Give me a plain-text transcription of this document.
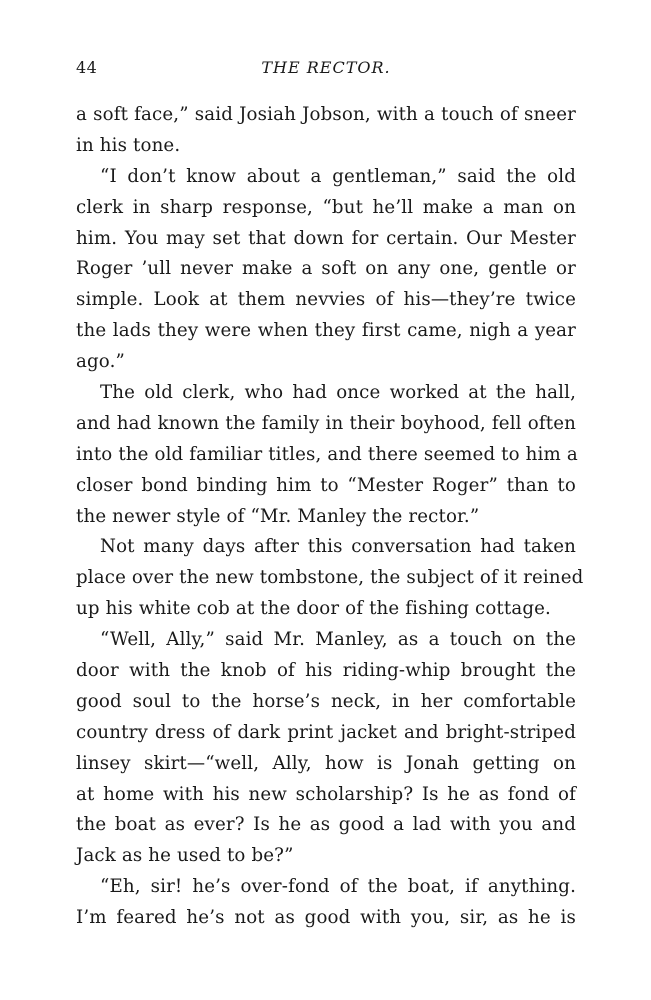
44	THE RECTOR.
a soft face,” said Josiah Jobson, with a touch of sneer
in his tone.
“I don’t know about a gentleman,” said the old
clerk in sharp response, “but he’ll make a man on
him. You may set that down for certain. Our Mester
Roger ’ull never make a soft on any one, gentle or
simple. Look at them nevvies of his—they’re twice
the lads they were when they first came, nigh a year
ago.”
The old clerk, who had once worked at the hall,
and had known the family in their boyhood, fell often
into the old familiar titles, and there seemed to him a
closer bond binding him to “Mester Roger” than to
the newer style of “Mr. Manley the rector.”
Not many days after this conversation had taken
place over the new tombstone, the subject of it reined
up his white cob at the door of the fishing cottage.
“Well, Ally,” said Mr. Manley, as a touch on the
door with the knob of his riding-whip brought the
good soul to the horse’s neck, in her comfortable
country dress of dark print jacket and bright-striped
linsey skirt—“well, Ally, how is Jonah getting on
at home with his new scholarship? Is he as fond of
the boat as ever? Is he as good a lad with you and
Jack as he used to be?”
“Eh, sir! he’s over-fond of the boat, if anything.
I’m feared he’s not as good with you, sir, as he is
